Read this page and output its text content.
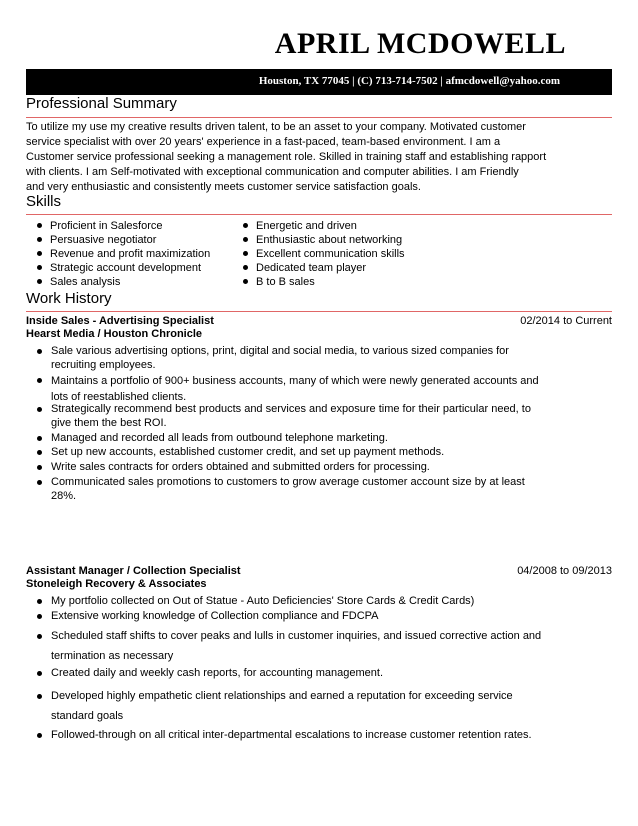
APRIL MCDOWELL
Houston, TX 77045 | (C) 713-714-7502 | afmcdowell@yahoo.com
Professional Summary
To utilize my use my creative results driven talent, to be an asset to your company. Motivated customer
service specialist with over 20 years' experience in a fast-paced, team-based environment. I am a
Customer service professional seeking a management role. Skilled in training staff and establishing rapport
with clients. I am Self-motivated with exceptional communication and computer abilities. I am Friendly
and very enthusiastic and consistently meets customer service satisfaction goals.
Skills
Proficient in Salesforce
Persuasive negotiator
Revenue and profit maximization
Strategic account development
Sales analysis
Energetic and driven
Enthusiastic about networking
Excellent communication skills
Dedicated team player
B to B sales
Work History
Inside Sales - Advertising Specialist	02/2014 to Current
Hearst Media / Houston Chronicle
Sale various advertising options, print, digital and social media, to various sized companies for
recruiting employees.
Maintains a portfolio of 900+ business accounts, many of which were newly generated accounts and
lots of reestablished clients.
Strategically recommend best products and services and exposure time for their particular need, to
give them the best ROI.
Managed and recorded all leads from outbound telephone marketing.
Set up new accounts, established customer credit, and set up payment methods.
Write sales contracts for orders obtained and submitted orders for processing.
Communicated sales promotions to customers to grow average customer account size by at least
28%.
Assistant Manager / Collection Specialist	04/2008 to 09/2013
Stoneleigh Recovery & Associates
My portfolio collected on Out of Statue - Auto Deficiencies' Store Cards & Credit Cards)
Extensive working knowledge of Collection compliance and FDCPA
Scheduled staff shifts to cover peaks and lulls in customer inquiries, and issued corrective action and
termination as necessary
Created daily and weekly cash reports, for accounting management.
Developed highly empathetic client relationships and earned a reputation for exceeding service
standard goals
Followed-through on all critical inter-departmental escalations to increase customer retention rates.
